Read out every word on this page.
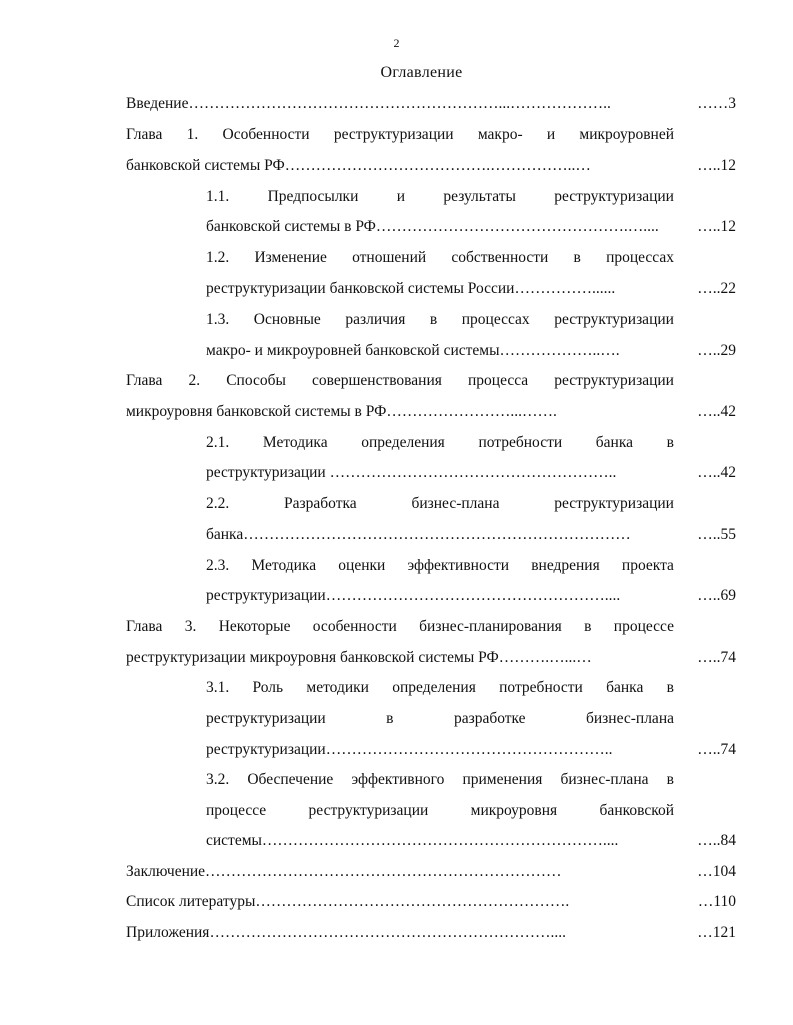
2
Оглавление
Введение……………………………………………………...………………..	……3
Глава 1. Особенности реструктуризации макро- и микроуровней
банковской системы РФ………………………………….……………..…	…..12
1.1. Предпосылки и результаты реструктуризации
банковской системы в РФ………………………………………….…....	…..12
1.2. Изменение отношений собственности в процессах
реструктуризации банковской системы России……………......	…..22
1.3. Основные различия в процессах реструктуризации
макро- и микроуровней банковской системы………………..….	…..29
Глава 2. Способы совершенствования процесса реструктуризации
микроуровня банковской системы в РФ……………………...…….	…..42
2.1. Методика определения потребности банка в
реструктуризации ………………………………………………..	…..42
2.2.	Разработка	бизнес-плана	реструктуризации
банка…………………………………………………………………	…..55
2.3. Методика оценки эффективности внедрения проекта
реструктуризации………………………………………………....	…..69
Глава 3. Некоторые особенности бизнес-планирования в процессе
реструктуризации микроуровня банковской системы РФ……….…...…	…..74
3.1. Роль методики определения потребности банка в
реструктуризации	в	разработке	бизнес-плана
реструктуризации………………………………………………..	…..74
3.2. Обеспечение эффективного применения бизнес-плана в
процессе	реструктуризации	микроуровня	банковской
системы…………………………………………………………....	…..84
Заключение……………………………………………………………	…104
Список литературы…………………………………………………….	…110
Приложения…………………………………………………………....	…121
